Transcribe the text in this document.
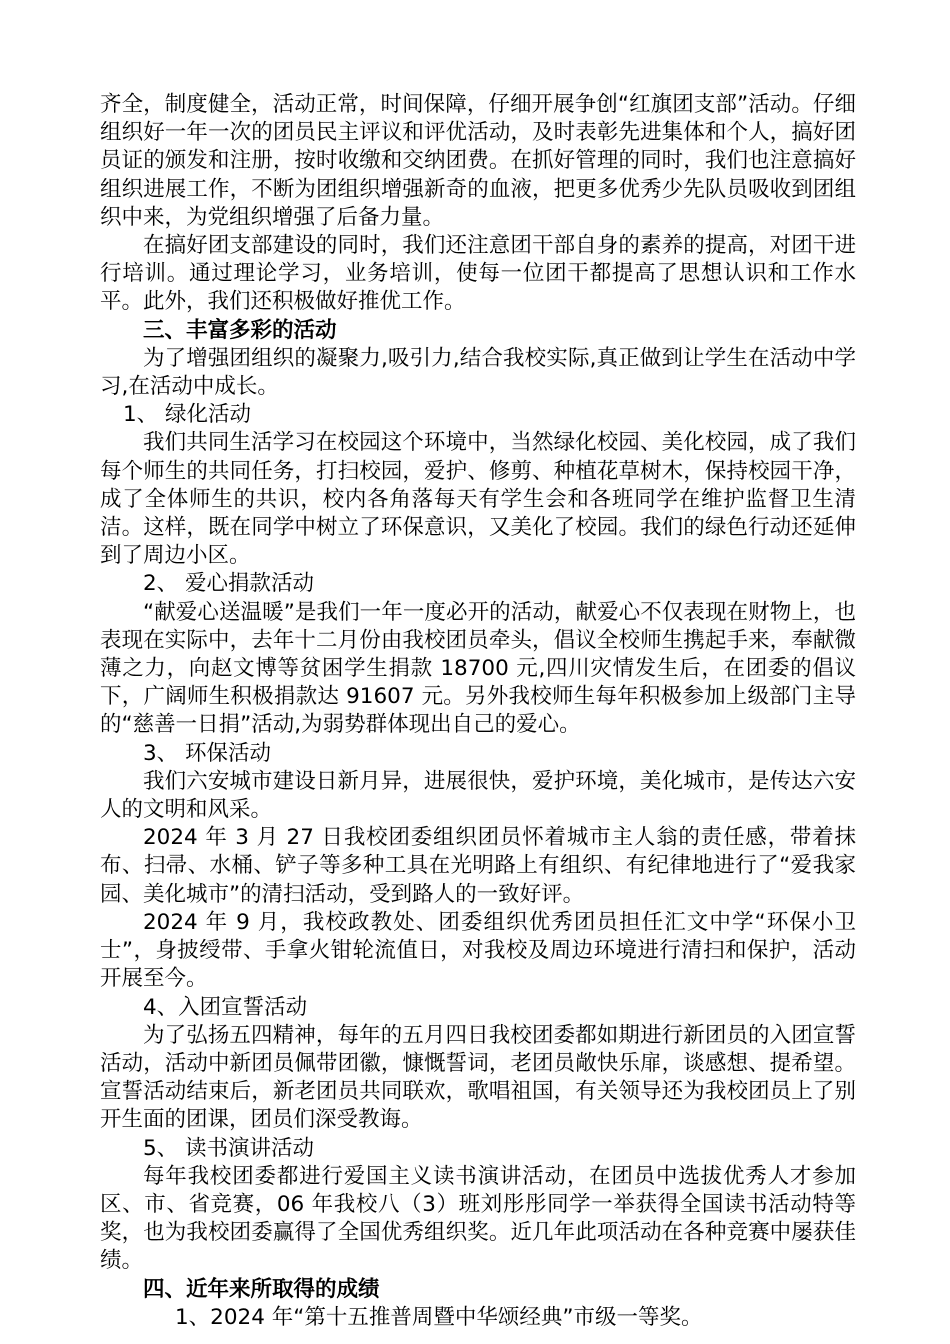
齐全，制度健全，活动正常，时间保障，仔细开展争创“红旗团支部”活动。仔细组织好一年一次的团员民主评议和评优活动，及时表彰先进集体和个人，搞好团员证的颁发和注册，按时收缴和交纳团费。在抓好管理的同时，我们也注意搞好组织进展工作，不断为团组织增强新奇的血液，把更多优秀少先队员吸收到团组织中来，为党组织增强了后备力量。

在搞好团支部建设的同时，我们还注意团干部自身的素养的提高，对团干进行培训。通过理论学习，业务培训，使每一位团干都提高了思想认识和工作水平。此外，我们还积极做好推优工作。

三、丰富多彩的活动

为了增强团组织的凝聚力,吸引力,结合我校实际,真正做到让学生在活动中学习,在活动中成长。

1、 绿化活动

我们共同生活学习在校园这个环境中，当然绿化校园、美化校园，成了我们每个师生的共同任务，打扫校园，爱护、修剪、种植花草树木，保持校园干净，成了全体师生的共识，校内各角落每天有学生会和各班同学在维护监督卫生清洁。这样，既在同学中树立了环保意识，又美化了校园。我们的绿色行动还延伸到了周边小区。

2、 爱心捐款活动

“献爱心送温暖”是我们一年一度必开的活动，献爱心不仅表现在财物上，也表现在实际中，去年十二月份由我校团员牵头，倡议全校师生携起手来，奉献微薄之力，向赵文博等贫困学生捐款 18700 元,四川灾情发生后，在团委的倡议下，广阔师生积极捐款达 91607 元。另外我校师生每年积极参加上级部门主导的“慈善一日捐”活动,为弱势群体现出自己的爱心。

3、 环保活动

我们六安城市建设日新月异，进展很快，爱护环境，美化城市，是传达六安人的文明和风采。

2024 年 3 月 27 日我校团委组织团员怀着城市主人翁的责任感，带着抹布、扫帚、水桶、铲子等多种工具在光明路上有组织、有纪律地进行了“爱我家园、美化城市”的清扫活动，受到路人的一致好评。

2024 年 9 月，我校政教处、团委组织优秀团员担任汇文中学“环保小卫士”，身披绶带、手拿火钳轮流值日，对我校及周边环境进行清扫和保护，活动开展至今。

4、入团宣誓活动

为了弘扬五四精神，每年的五月四日我校团委都如期进行新团员的入团宣誓活动，活动中新团员佩带团徽，慷慨誓词，老团员敞快乐扉，谈感想、提希望。宣誓活动结束后，新老团员共同联欢，歌唱祖国，有关领导还为我校团员上了别开生面的团课，团员们深受教诲。

5、 读书演讲活动

每年我校团委都进行爱国主义读书演讲活动，在团员中选拔优秀人才参加区、市、省竞赛，06 年我校八（3）班刘彤彤同学一举获得全国读书活动特等奖，也为我校团委赢得了全国优秀组织奖。近几年此项活动在各种竞赛中屡获佳绩。

四、近年来所取得的成绩

1、2024 年“第十五推普周暨中华颂经典”市级一等奖。
